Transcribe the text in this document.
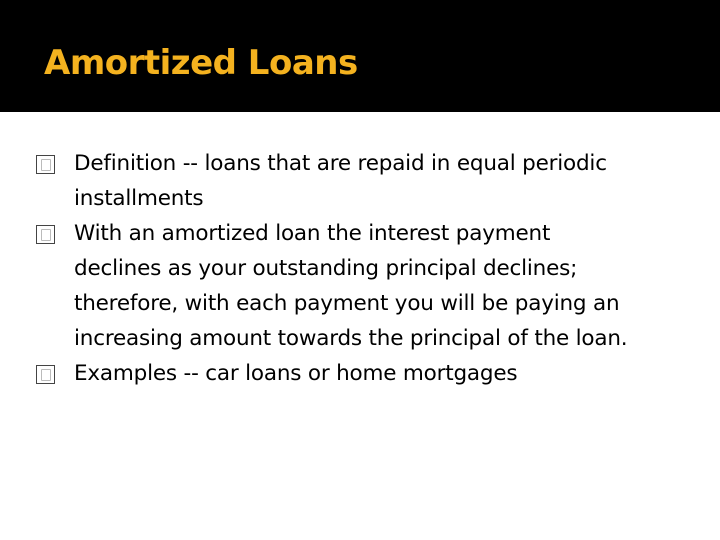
Amortized Loans
Definition -- loans that are repaid in equal periodic
installments
With an amortized loan the interest payment
declines as your outstanding principal declines;
therefore, with each payment you will be paying an
increasing amount towards the principal of the loan.
Examples -- car loans or home mortgages
